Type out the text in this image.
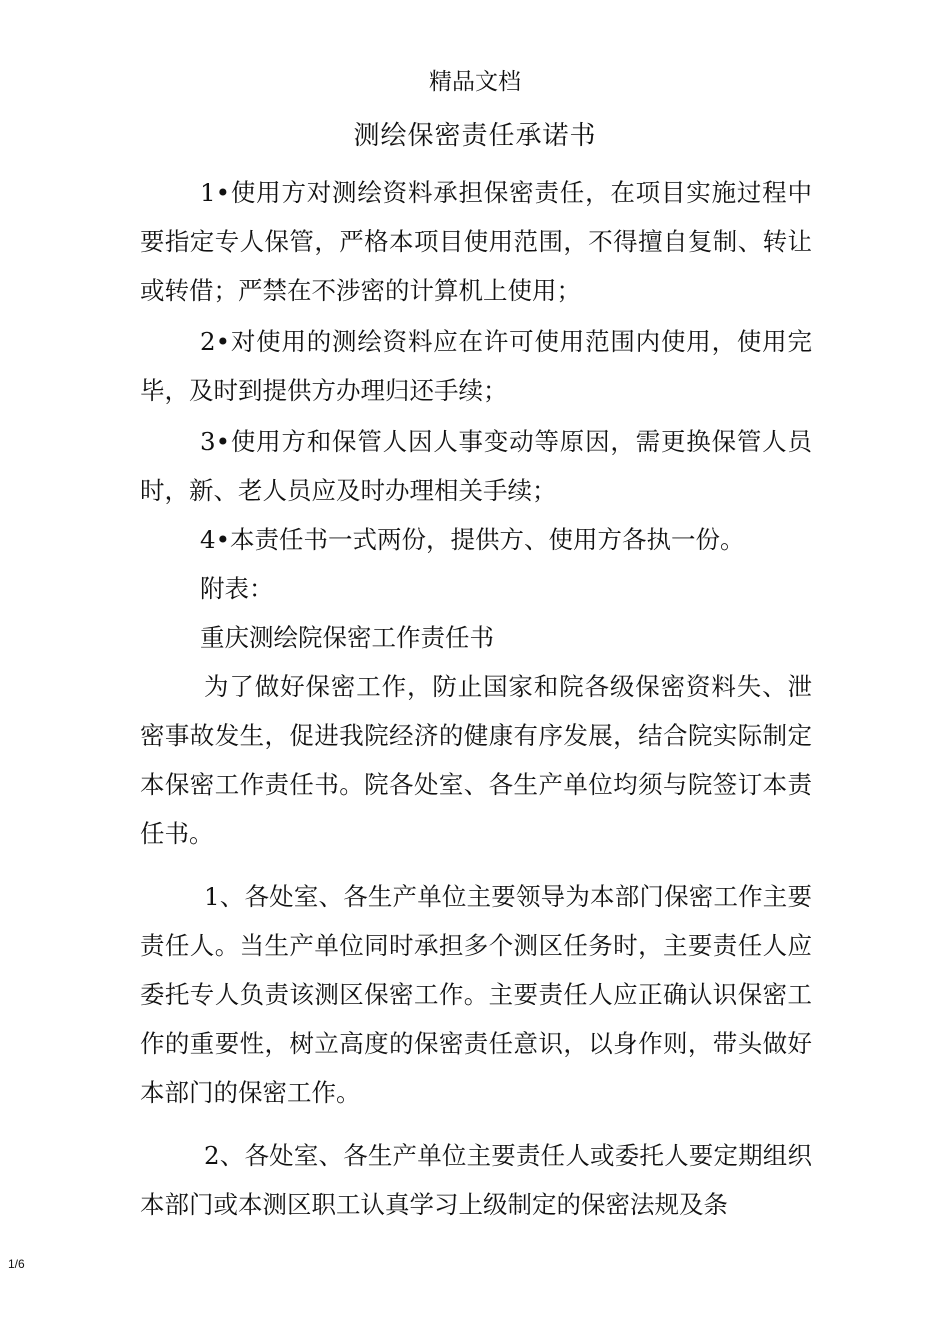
精品文档
测绘保密责任承诺书

1•使用方对测绘资料承担保密责任，在项目实施过程中要指定专人保管，严格本项目使用范围，不得擅自复制、转让或转借；严禁在不涉密的计算机上使用；

2•对使用的测绘资料应在许可使用范围内使用，使用完毕，及时到提供方办理归还手续；

3•使用方和保管人因人事变动等原因，需更换保管人员时，新、老人员应及时办理相关手续；

4•本责任书一式两份，提供方、使用方各执一份。

附表：

重庆测绘院保密工作责任书

为了做好保密工作，防止国家和院各级保密资料失、泄密事故发生，促进我院经济的健康有序发展，结合院实际制定本保密工作责任书。院各处室、各生产单位均须与院签订本责任书。

1、各处室、各生产单位主要领导为本部门保密工作主要责任人。当生产单位同时承担多个测区任务时，主要责任人应委托专人负责该测区保密工作。主要责任人应正确认识保密工作的重要性，树立高度的保密责任意识，以身作则，带头做好本部门的保密工作。

2、各处室、各生产单位主要责任人或委托人要定期组织本部门或本测区职工认真学习上级制定的保密法规及条

1/6
